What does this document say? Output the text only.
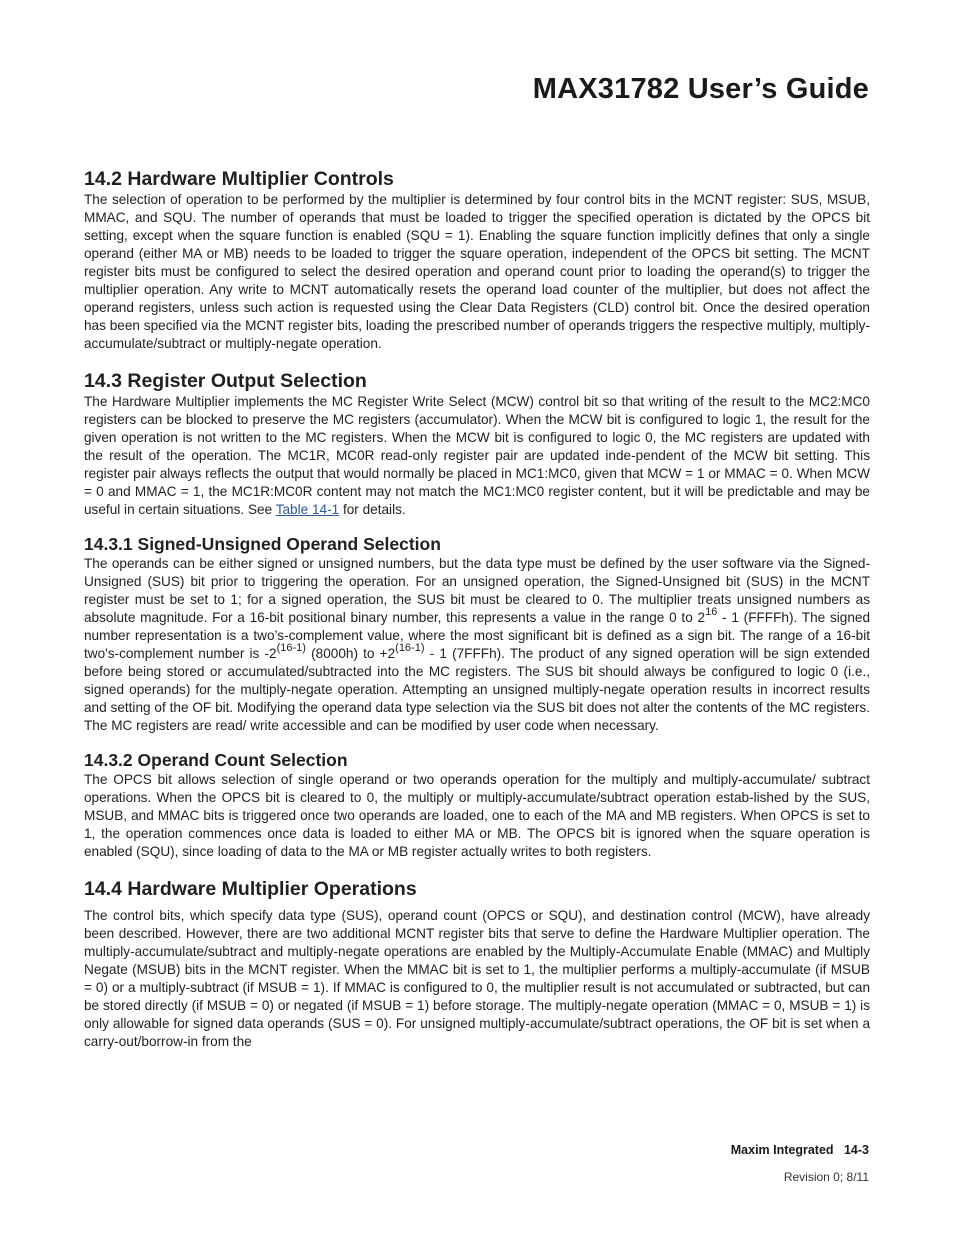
MAX31782 User’s Guide
14.2 Hardware Multiplier Controls

The selection of operation to be performed by the multiplier is determined by four control bits in the MCNT register: SUS, MSUB, MMAC, and SQU. The number of operands that must be loaded to trigger the specified operation is dictated by the OPCS bit setting, except when the square function is enabled (SQU = 1). Enabling the square function implicitly defines that only a single operand (either MA or MB) needs to be loaded to trigger the square operation, independent of the OPCS bit setting. The MCNT register bits must be configured to select the desired operation and operand count prior to loading the operand(s) to trigger the multiplier operation. Any write to MCNT automatically resets the operand load counter of the multiplier, but does not affect the operand registers, unless such action is requested using the Clear Data Registers (CLD) control bit. Once the desired operation has been specified via the MCNT register bits, loading the prescribed number of operands triggers the respective multiply, multiply-accumulate/subtract or multiply-negate operation.

14.3 Register Output Selection

The Hardware Multiplier implements the MC Register Write Select (MCW) control bit so that writing of the result to the MC2:MC0 registers can be blocked to preserve the MC registers (accumulator). When the MCW bit is configured to logic 1, the result for the given operation is not written to the MC registers. When the MCW bit is configured to logic 0, the MC registers are updated with the result of the operation. The MC1R, MC0R read-only register pair are updated inde-pendent of the MCW bit setting. This register pair always reflects the output that would normally be placed in MC1:MC0, given that MCW = 1 or MMAC = 0. When MCW = 0 and MMAC = 1, the MC1R:MC0R content may not match the MC1:MC0 register content, but it will be predictable and may be useful in certain situations. See Table 14-1 for details.

14.3.1 Signed-Unsigned Operand Selection

The operands can be either signed or unsigned numbers, but the data type must be defined by the user software via the Signed-Unsigned (SUS) bit prior to triggering the operation. For an unsigned operation, the Signed-Unsigned bit (SUS) in the MCNT register must be set to 1; for a signed operation, the SUS bit must be cleared to 0. The multiplier treats unsigned numbers as absolute magnitude. For a 16-bit positional binary number, this represents a value in the range 0 to $2^{16} - 1$ (FFFFh). The signed number representation is a two’s-complement value, where the most significant bit is defined as a sign bit. The range of a 16-bit two's-complement number is -2$^{(16-1)}$ (8000h) to $+2^{(16-1)} - 1$ (7FFFh). The product of any signed operation will be sign extended before being stored or accumulated/subtracted into the MC registers. The SUS bit should always be configured to logic 0 (i.e., signed operands) for the multiply-negate operation. Attempting an unsigned multiply-negate operation results in incorrect results and setting of the OF bit. Modifying the operand data type selection via the SUS bit does not alter the contents of the MC registers. The MC registers are read/ write accessible and can be modified by user code when necessary.

14.3.2 Operand Count Selection

The OPCS bit allows selection of single operand or two operands operation for the multiply and multiply-accumulate/ subtract operations. When the OPCS bit is cleared to 0, the multiply or multiply-accumulate/subtract operation estab-lished by the SUS, MSUB, and MMAC bits is triggered once two operands are loaded, one to each of the MA and MB registers. When OPCS is set to 1, the operation commences once data is loaded to either MA or MB. The OPCS bit is ignored when the square operation is enabled (SQU), since loading of data to the MA or MB register actually writes to both registers.

14.4 Hardware Multiplier Operations

The control bits, which specify data type (SUS), operand count (OPCS or SQU), and destination control (MCW), have already been described. However, there are two additional MCNT register bits that serve to define the Hardware Multiplier operation. The multiply-accumulate/subtract and multiply-negate operations are enabled by the Multiply-Accumulate Enable (MMAC) and Multiply Negate (MSUB) bits in the MCNT register. When the MMAC bit is set to 1, the multiplier performs a multiply-accumulate (if MSUB = 0) or a multiply-subtract (if MSUB = 1). If MMAC is configured to 0, the multiplier result is not accumulated or subtracted, but can be stored directly (if MSUB = 0) or negated (if MSUB = 1) before storage. The multiply-negate operation (MMAC = 0, MSUB = 1) is only allowable for signed data operands (SUS = 0). For unsigned multiply-accumulate/subtract operations, the OF bit is set when a carry-out/borrow-in from the

Maxim Integrated   14-3
Revision 0; 8/11
